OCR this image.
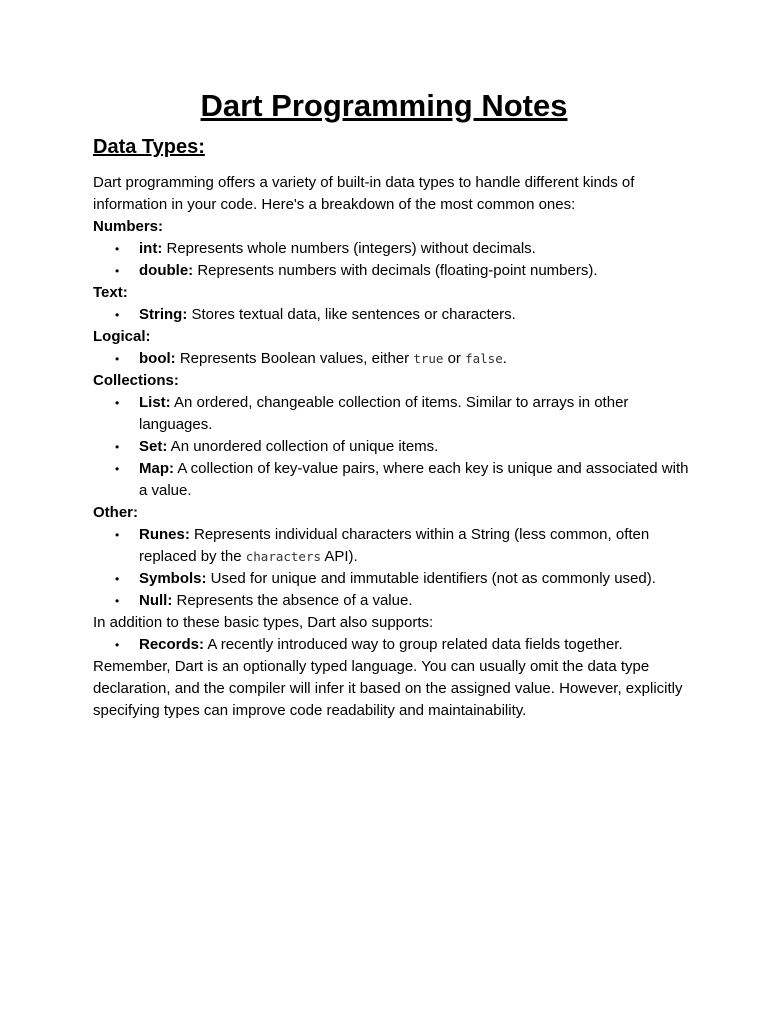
Dart Programming Notes
Data Types:
Dart programming offers a variety of built-in data types to handle different kinds of information in your code. Here's a breakdown of the most common ones:
Numbers:
• int: Represents whole numbers (integers) without decimals.
• double: Represents numbers with decimals (floating-point numbers).
Text:
• String: Stores textual data, like sentences or characters.
Logical:
• bool: Represents Boolean values, either true or false.
Collections:
• List: An ordered, changeable collection of items. Similar to arrays in other languages.
• Set: An unordered collection of unique items.
• Map: A collection of key-value pairs, where each key is unique and associated with a value.
Other:
• Runes: Represents individual characters within a String (less common, often replaced by the characters API).
• Symbols: Used for unique and immutable identifiers (not as commonly used).
• Null: Represents the absence of a value.
In addition to these basic types, Dart also supports:
• Records: A recently introduced way to group related data fields together.
Remember, Dart is an optionally typed language. You can usually omit the data type declaration, and the compiler will infer it based on the assigned value. However, explicitly specifying types can improve code readability and maintainability.
